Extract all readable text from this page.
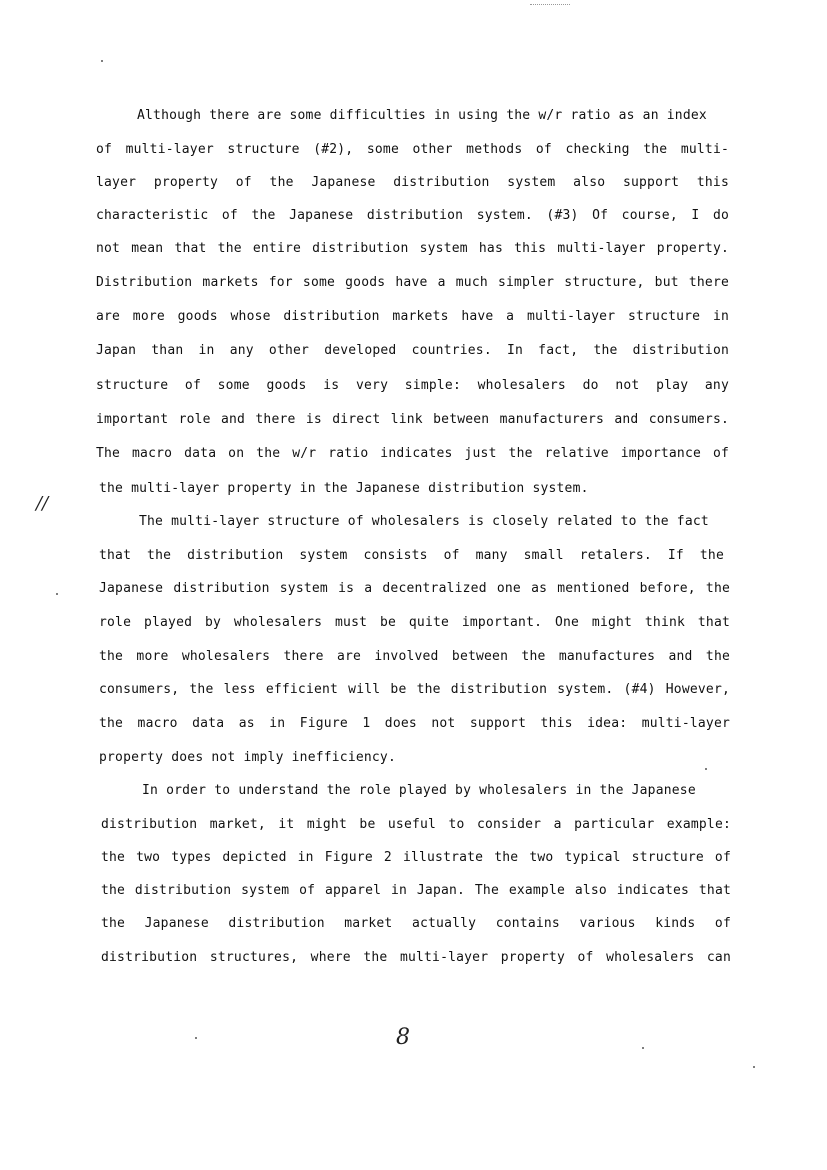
Although there are some difficulties in using the w/r ratio as an index
of multi-layer structure (#2), some other methods of checking the multi-
layer property of the Japanese distribution system also support this
characteristic of the Japanese distribution system. (#3) Of course, I do
not mean that the entire distribution system has this multi-layer property.
Distribution markets for some goods have a much simpler structure, but there
are more goods whose distribution markets have a multi-layer structure in
Japan than in any other developed countries. In fact, the distribution
structure of some goods is very simple: wholesalers do not play any
important role and there is direct link between manufacturers and consumers.
The macro data on the w/r ratio indicates just the relative importance of
the multi-layer property in the Japanese distribution system.
The multi-layer structure of wholesalers is closely related to the fact
that the distribution system consists of many small retalers. If the
Japanese distribution system is a decentralized one as mentioned before, the
role played by wholesalers must be quite important. One might think that
the more wholesalers there are involved between the manufactures and the
consumers, the less efficient will be the distribution system. (#4) However,
the macro data as in Figure 1 does not support this idea: multi-layer
property does not imply inefficiency.
In order to understand the role played by wholesalers in the Japanese
distribution market, it might be useful to consider a particular example:
the two types depicted in Figure 2 illustrate the two typical structure of
the distribution system of apparel in Japan. The example also indicates that
the Japanese distribution market actually contains various kinds of
distribution structures, where the multi-layer property of wholesalers can
//
8
